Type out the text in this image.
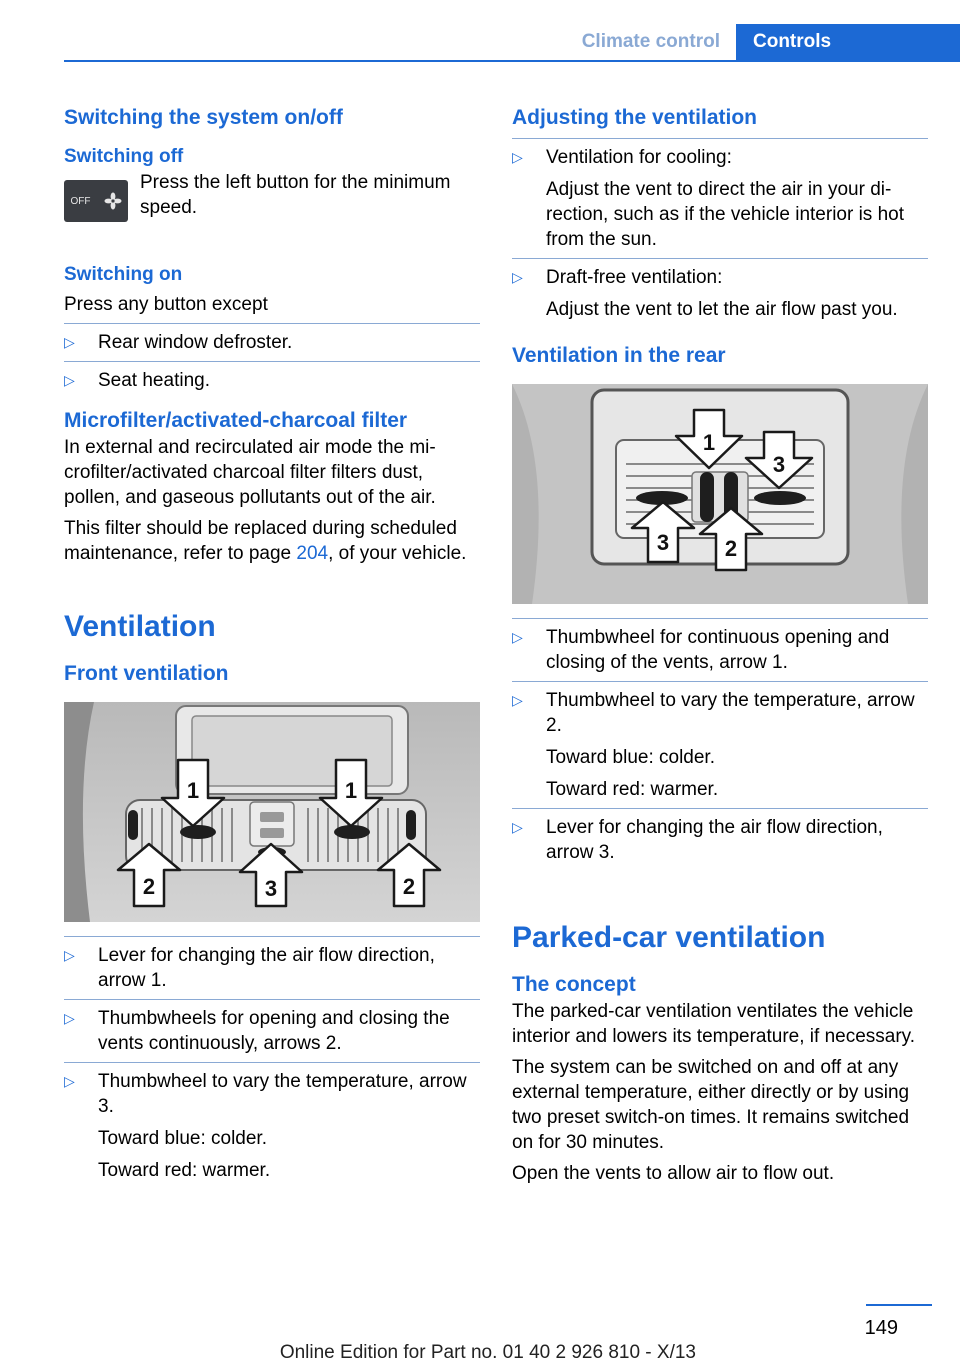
Climate control	Controls
Switching the system on/off
Switching off
OFF
Press the left button for the minimum speed.
Switching on
Press any button except
▷	Rear window defroster.
▷	Seat heating.
Microfilter/activated-charcoal filter
In external and recirculated air mode the microfilter/activated charcoal filter filters dust, pollen, and gaseous pollutants out of the air.
This filter should be replaced during scheduled maintenance, refer to page 204, of your vehicle.
Ventilation
Front ventilation
1	1
2	3	2
▷	Lever for changing the air flow direction, arrow 1.
▷	Thumbwheels for opening and closing the vents continuously, arrows 2.
▷	Thumbwheel to vary the temperature, arrow 3.
Toward blue: colder.
Toward red: warmer.
Adjusting the ventilation
▷	Ventilation for cooling:
Adjust the vent to direct the air in your direction, such as if the vehicle interior is hot from the sun.
▷	Draft-free ventilation:
Adjust the vent to let the air flow past you.
Ventilation in the rear
1
3
3	2
▷	Thumbwheel for continuous opening and closing of the vents, arrow 1.
▷	Thumbwheel to vary the temperature, arrow 2.
Toward blue: colder.
Toward red: warmer.
▷	Lever for changing the air flow direction, arrow 3.
Parked-car ventilation
The concept
The parked-car ventilation ventilates the vehicle interior and lowers its temperature, if necessary.
The system can be switched on and off at any external temperature, either directly or by using two preset switch-on times. It remains switched on for 30 minutes.
Open the vents to allow air to flow out.
149
Online Edition for Part no. 01 40 2 926 810 - X/13
